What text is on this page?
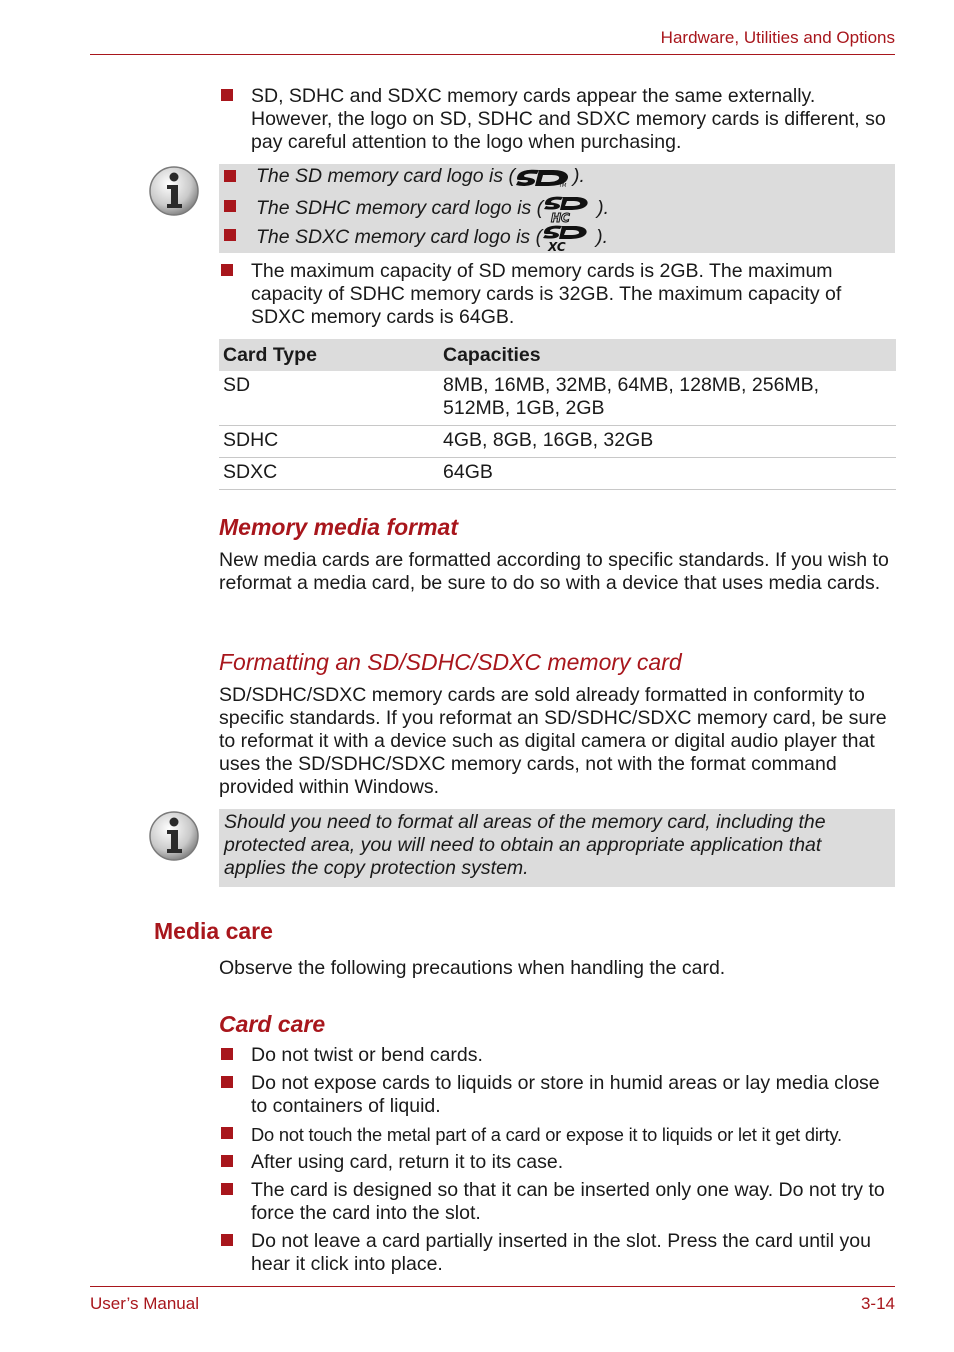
Hardware, Utilities and Options
SD, SDHC and SDXC memory cards appear the same externally. However, the logo on SD, SDHC and SDXC memory cards is different, so pay careful attention to the logo when purchasing.
The SD memory card logo is (	TM ).
The SDHC memory card logo is ( HC ).
The SDXC memory card logo is ( XC ).
The maximum capacity of SD memory cards is 2GB. The maximum capacity of SDHC memory cards is 32GB. The maximum capacity of SDXC memory cards is 64GB.
Card Type	Capacities
SD	8MB, 16MB, 32MB, 64MB, 128MB, 256MB, 512MB, 1GB, 2GB
SDHC	4GB, 8GB, 16GB, 32GB
SDXC	64GB
Memory media format

New media cards are formatted according to specific standards. If you wish to reformat a media card, be sure to do so with a device that uses media cards.

Formatting an SD/SDHC/SDXC memory card

SD/SDHC/SDXC memory cards are sold already formatted in conformity to specific standards. If you reformat an SD/SDHC/SDXC memory card, be sure to reformat it with a device such as digital camera or digital audio player that uses the SD/SDHC/SDXC memory cards, not with the format command provided within Windows.

Should you need to format all areas of the memory card, including the protected area, you will need to obtain an appropriate application that applies the copy protection system.

Media care

Observe the following precautions when handling the card.

Card care
Do not twist or bend cards.
Do not expose cards to liquids or store in humid areas or lay media close to containers of liquid.
Do not touch the metal part of a card or expose it to liquids or let it get dirty.
After using card, return it to its case.
The card is designed so that it can be inserted only one way. Do not try to force the card into the slot.
Do not leave a card partially inserted in the slot. Press the card until you hear it click into place.
User’s Manual	3-14
